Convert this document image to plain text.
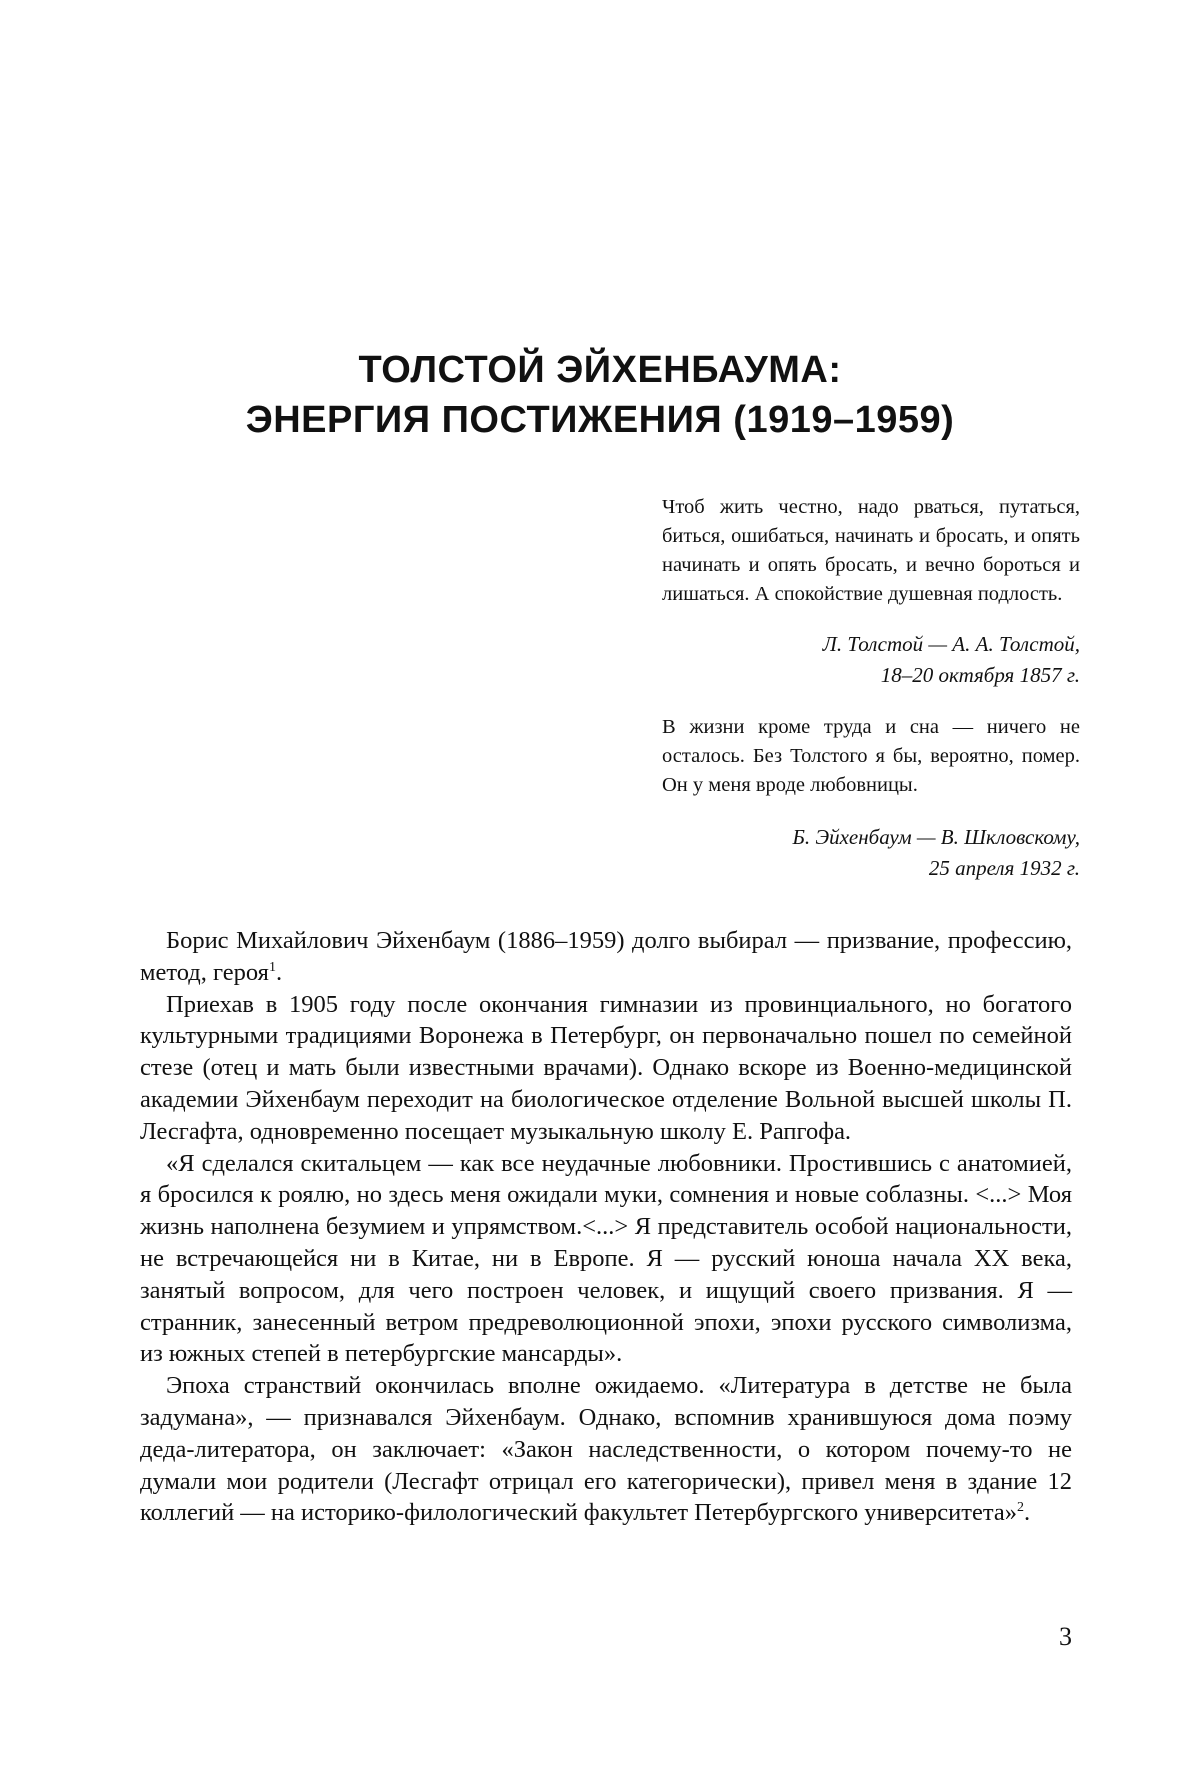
ТОЛСТОЙ ЭЙХЕНБАУМА:

ЭНЕРГИЯ ПОСТИЖЕНИЯ (1919–1959)

Чтоб жить честно, надо рваться, путаться, биться, ошибаться, начинать и бросать, и опять начинать и опять бросать, и вечно бороться и лишаться. А спокойствие душевная подлость.

Л. Толстой — А. А. Толстой,

18–20 октября 1857 г.

В жизни кроме труда и сна — ничего не осталось. Без Толстого я бы, вероятно, помер. Он у меня вроде любовницы.

Б. Эйхенбаум — В. Шкловскому,

25 апреля 1932 г.

Борис Михайлович Эйхенбаум (1886–1959) долго выбирал — призвание, профессию, метод, героя$^1$.

Приехав в 1905 году после окончания гимназии из провинциального, но богатого культурными традициями Воронежа в Петербург, он первоначально пошел по семейной стезе (отец и мать были известными врачами). Однако вскоре из Военно-медицинской академии Эйхенбаум переходит на биологическое отделение Вольной высшей школы П. Лесгафта, одновременно посещает музыкальную школу Е. Рапгофа.

«Я сделался скитальцем — как все неудачные любовники. Простившись с анатомией, я бросился к роялю, но здесь меня ожидали муки, сомнения и новые соблазны. <...> Моя жизнь наполнена безумием и упрямством.<...> Я представитель особой национальности, не встречающейся ни в Китае, ни в Европе. Я — русский юноша начала XX века, занятый вопросом, для чего построен человек, и ищущий своего призвания. Я — странник, занесенный ветром предреволюционной эпохи, эпохи русского символизма, из южных степей в петербургские мансарды».

Эпоха странствий окончилась вполне ожидаемо. «Литература в детстве не была задумана», — признавался Эйхенбаум. Однако, вспомнив хранившуюся дома поэму деда-литератора, он заключает: «Закон наследственности, о котором почему-то не думали мои родители (Лесгафт отрицал его категорически), привел меня в здание 12 коллегий — на историко-филологический факультет Петербургского университета»$^2$.

3
